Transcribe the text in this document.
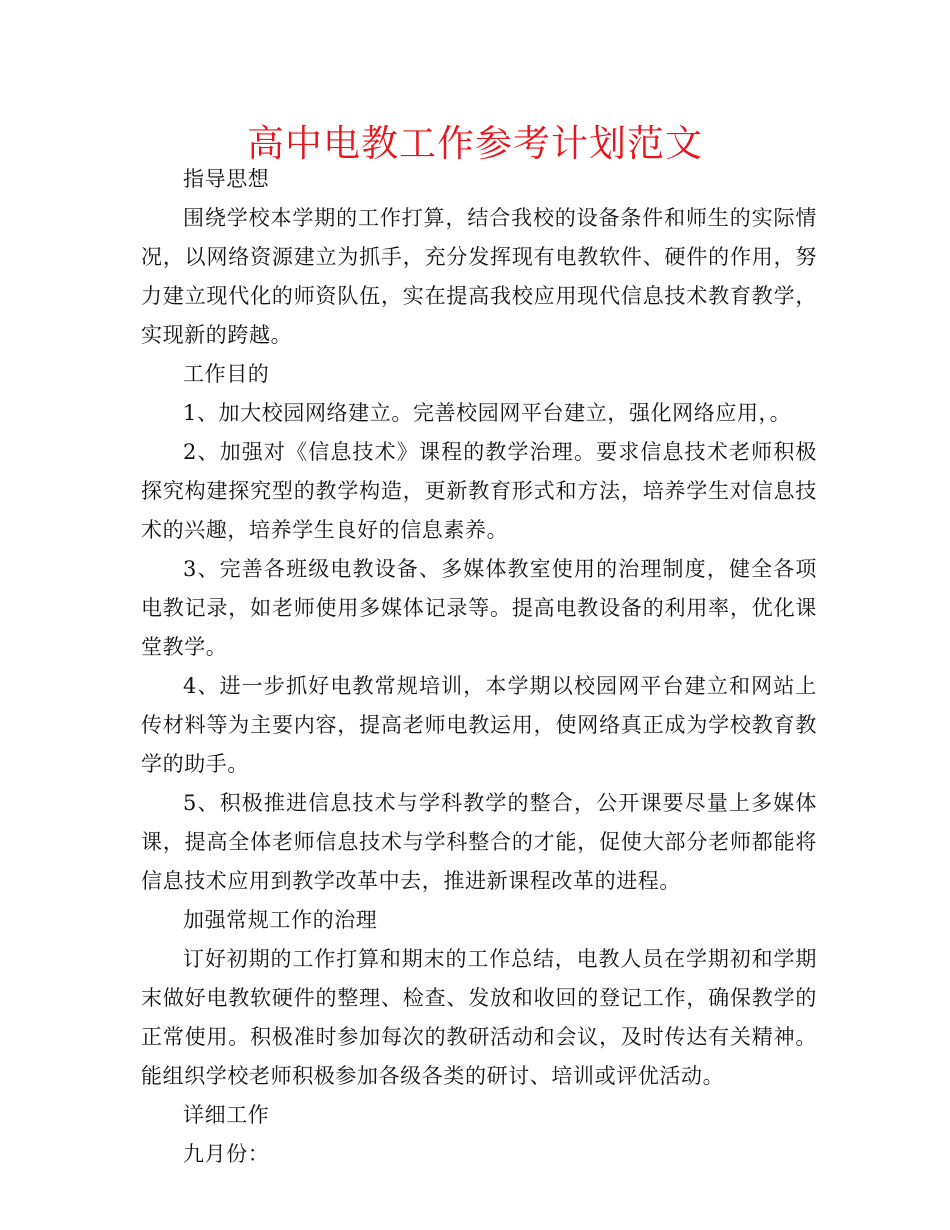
高中电教工作参考计划范文

指导思想

围绕学校本学期的工作打算，结合我校的设备条件和师生的实际情况，以网络资源建立为抓手，充分发挥现有电教软件、硬件的作用，努力建立现代化的师资队伍，实在提高我校应用现代信息技术教育教学，实现新的跨越。

工作目的

1、加大校园网络建立。完善校园网平台建立，强化网络应用，。

2、加强对《信息技术》课程的教学治理。要求信息技术老师积极探究构建探究型的教学构造，更新教育形式和方法，培养学生对信息技术的兴趣，培养学生良好的信息素养。

3、完善各班级电教设备、多媒体教室使用的治理制度，健全各项电教记录，如老师使用多媒体记录等。提高电教设备的利用率，优化课堂教学。

4、进一步抓好电教常规培训，本学期以校园网平台建立和网站上传材料等为主要内容，提高老师电教运用，使网络真正成为学校教育教学的助手。

5、积极推进信息技术与学科教学的整合，公开课要尽量上多媒体课，提高全体老师信息技术与学科整合的才能，促使大部分老师都能将信息技术应用到教学改革中去，推进新课程改革的进程。

加强常规工作的治理

订好初期的工作打算和期末的工作总结，电教人员在学期初和学期末做好电教软硬件的整理、检查、发放和收回的登记工作，确保教学的正常使用。积极准时参加每次的教研活动和会议，及时传达有关精神。能组织学校老师积极参加各级各类的研讨、培训或评优活动。

详细工作

九月份：
